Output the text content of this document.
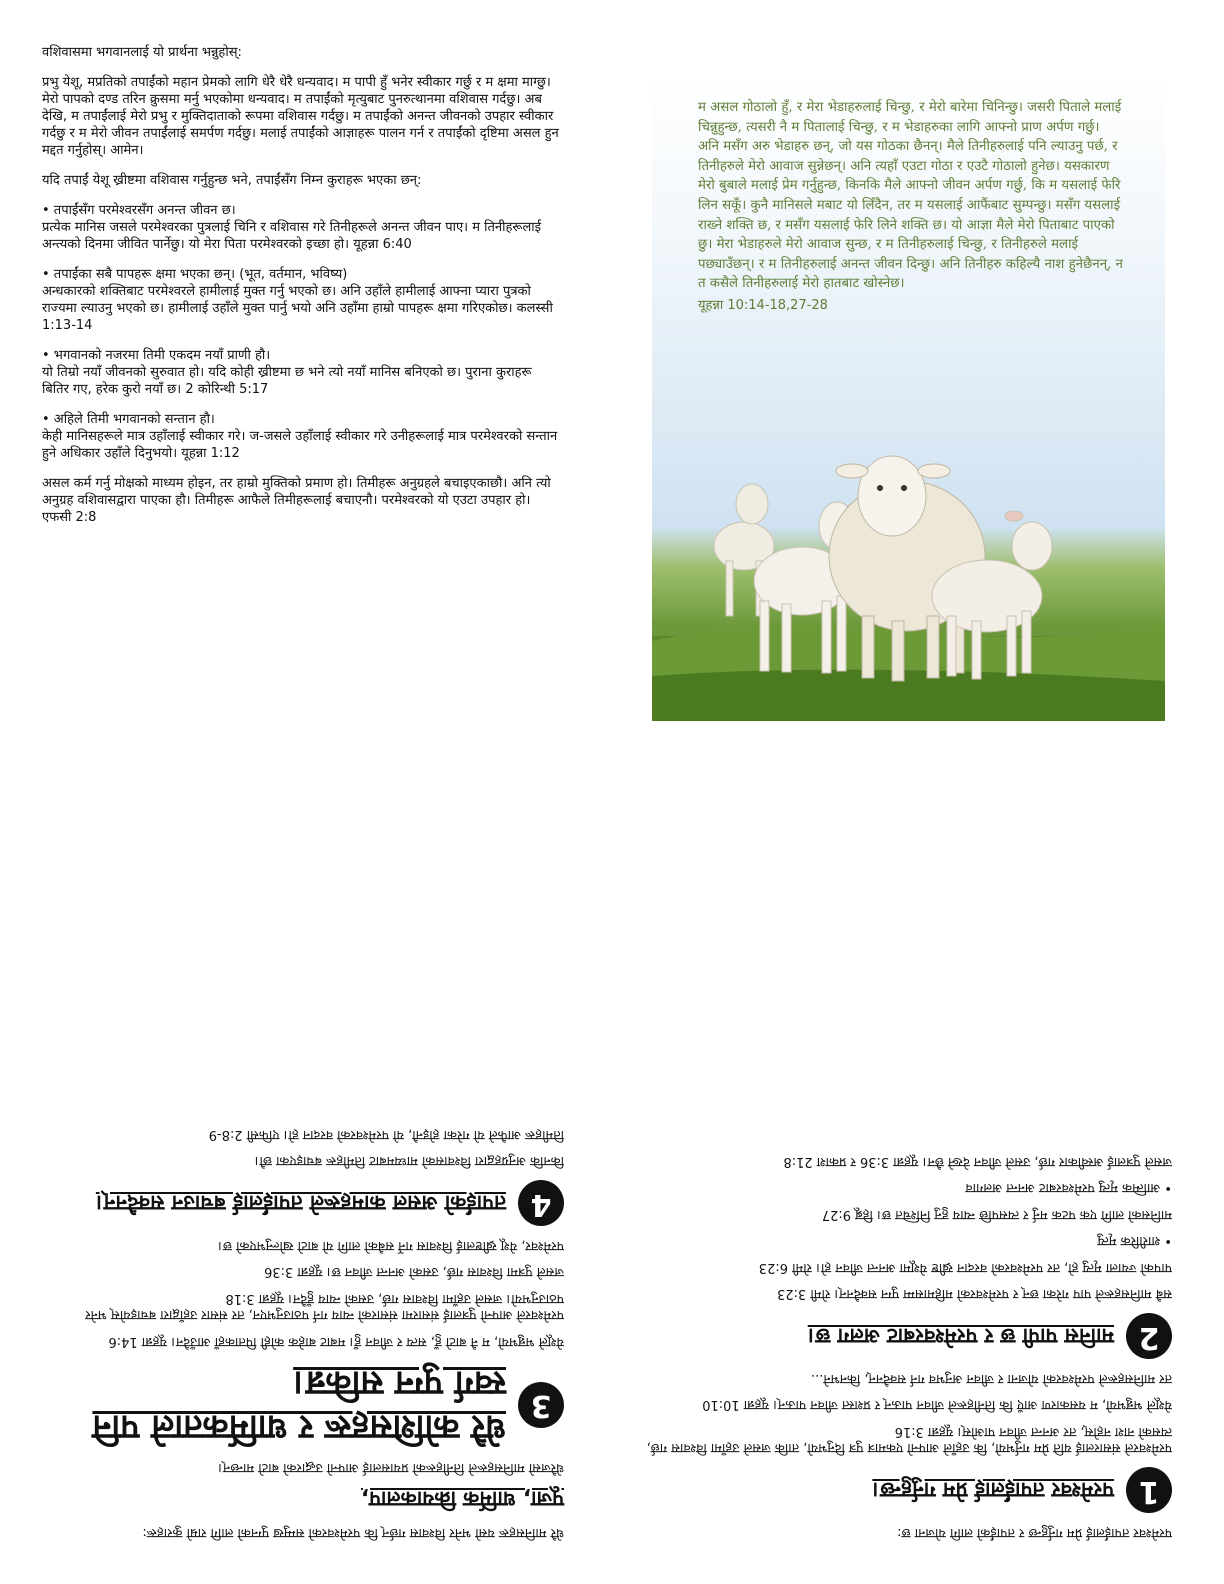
वशिवासमा भगवानलाई यो प्रार्थना भन्नुहोस्:

प्रभु येशू, मप्रतिको तपाईंको महान प्रेमको लागि धेरै धेरै धन्यवाद। म पापी हुँ भनेर स्वीकार गर्छु र म क्षमा माग्छु। मेरो पापको दण्ड तरिन क्रुसमा मर्नु भएकोमा धन्यवाद। म तपाईंको मृत्युबाट पुनरुत्थानमा वशिवास गर्दछु। अब देखि, म तपाईंलाई मेरो प्रभु र मुक्तिदाताको रूपमा वशिवास गर्दछु। म तपाईंको अनन्त जीवनको उपहार स्वीकार गर्दछु र म मेरो जीवन तपाईंलाई समर्पण गर्दछु। मलाई तपाईंको आज्ञाहरू पालन गर्न र तपाईंको दृष्टिमा असल हुन मद्दत गर्नुहोस्। आमेन।

यदि तपाईं येशू ख्रीष्टमा वशिवास गर्नुहुन्छ भने, तपाईंसँग निम्न कुराहरू भएका छन्:

• तपाईंसँग परमेश्वरसँग अनन्त जीवन छ।
प्रत्येक मानिस जसले परमेश्वरका पुत्रलाई चिनि र वशिवास गरे तिनीहरूले अनन्त जीवन पाए। म तिनीहरूलाई अन्त्यको दिनमा जीवित पार्नेछु। यो मेरा पिता परमेश्वरको इच्छा हो। यूहन्ना 6:40
• तपाईंका सबै पापहरू क्षमा भएका छन्। (भूत, वर्तमान, भविष्य)
अन्धकारको शक्तिबाट परमेश्वरले हामीलाई मुक्त गर्नु भएको छ। अनि उहाँले हामीलाई आफ्ना प्यारा पुत्रको राज्यमा ल्याउनु भएको छ। हामीलाई उहाँले मुक्त पार्नु भयो अनि उहाँमा हाम्रो पापहरू क्षमा गरिएकोछ। कलस्सी 1:13-14
• भगवानको नजरमा तिमी एकदम नयाँ प्राणी हौ।
यो तिम्रो नयाँ जीवनको सुरुवात हो। यदि कोही ख्रीष्टमा छ भने त्यो नयाँ मानिस बनिएको छ। पुराना कुराहरू बितिर गए, हरेक कुरो नयाँ छ। 2 कोरिन्थी 5:17
• अहिले तिमी भगवानको सन्तान हौ।
केही मानिसहरूले मात्र उहाँलाई स्वीकार गरे। ज-जसले उहाँलाई स्वीकार गरे उनीहरूलाई मात्र परमेश्वरको सन्तान हुने अधिकार उहाँले दिनुभयो। यूहन्ना 1:12

असल कर्म गर्नु मोक्षको माध्यम होइन, तर हाम्रो मुक्तिको प्रमाण हो। तिमीहरू अनुग्रहले बचाइएकाछौ। अनि त्यो अनुग्रह वशिवासद्वारा पाएका हौ। तिमीहरू आफैले तिमीहरूलाई बचाएनौ। परमेश्वरको यो एउटा उपहार हो। एफसी 2:8

म असल गोठालो हुँ, र मेरा भेडाहरुलाई चिन्छु, र मेरो बारेमा चिनिन्छु। जसरी पिताले मलाई चिन्नुहुन्छ, त्यसरी नै म पितालाई चिन्छु, र म भेडाहरुका लागि आफ्नो प्राण अर्पण गर्छु। अनि मसँग अरु भेडाहरु छन्, जो यस गोठका छैनन्। मैले तिनीहरुलाई पनि ल्याउनु पर्छ, र तिनीहरुले मेरो आवाज सुन्नेछन्। अनि त्यहाँ एउटा गोठा र एउटै गोठालो हुनेछ। यसकारण मेरो बुबाले मलाई प्रेम गर्नुहुन्छ, किनकि मैले आफ्नो जीवन अर्पण गर्छु, कि म यसलाई फेरि लिन सकूँ। कुनै मानिसले मबाट यो लिँदैन, तर म यसलाई आफैंबाट सुम्पन्छु। मसँग यसलाई राख्ने शक्ति छ, र मसँग यसलाई फेरि लिने शक्ति छ। यो आज्ञा मैले मेरो पिताबाट पाएको छु। मेरा भेडाहरुले मेरो आवाज सुन्छ, र म तिनीहरुलाई चिन्छु, र तिनीहरुले मलाई पछ्याउँछन्। र म तिनीहरुलाई अनन्त जीवन दिन्छु। अनि तिनीहरु कहिल्यै नाश हुनेछैनन्, न त कसैले तिनीहरुलाई मेरो हातबाट खोस्नेछ।
यूहन्ना 10:14-18,27-28

धेरै मानिसहरू यसो भनेर विश्वास गर्छन् कि परमेश्वरको सम्मुख पुग्नको लागि राम्रो कुराहरू:

पूजा, धार्मिक क्रियाकलाप,

धेरैजसो मानिसहरूले तिनीहरूको प्रयासलाई आफ्नो उद्धारको बाटो मान्छन्।

3
धेरै कोशिसहरू र धार्मिकताले पनि स्वर्ग पुग्न सकिन्न।

येशूले भन्नुभयो, म नै बाटो हुँ, सत्य र जीवन हुँ। मबाट बाहेक कोही पिताकहाँ आउँदैन। यूहन्ना 14:6

परमेश्वरले आफ्नो पुत्रलाई संसारमा संसारको न्याय गर्न पठाउनुभएन, तर संसार उहाँद्वारा बचाइयोस् भनेर पठाउनुभयो। जसले उहाँमा विश्वास गर्छ, उसको न्याय हुँदैन। यूहन्ना 3:18

जसले पुत्रमा विश्वास गर्छ, उसको अनन्त जीवन छ। यूहन्ना 3:36

परमेश्वर, येशू ख्रीष्टलाई विश्वास गर्ने सबैको लागि यो बाटो खोल्नुभएको छ।

4
तपाईंको असल कामहरूले तपाईंलाई बचाउन सक्दैनन्।

किनकि अनुग्रहद्वारा विश्वासको माध्यमबाट तिमीहरू बचाइएका छौ।

तिमीहरू आफैले यो गरेका होइनौ, यो परमेश्वरको वरदान हो। एफिसी 2:8-9

परमेश्वर तपाईंलाई प्रेम गर्नुहुन्छ र तपाईंको लागि योजना छ:

1
परमेश्वर तपाईंलाई प्रेम गर्नुहुन्छ।

परमेश्वरले संसारलाई यति प्रेम गर्नुभयो, कि उहाँले आफ्नो एकमात्र पुत्र दिनुभयो, ताकि जसले उहाँमा विश्वास गर्छ, त्यसको नाश नहोस्, तर अनन्त जीवन पाओस्। यूहन्ना 3:16

येशूले भन्नुभयो, म यसकारण आएँ कि तिनीहरूले जीवन पाऊन् र प्रशस्त जीवन पाऊन्। यूहन्ना 10:10

तर मानिसहरूले परमेश्वरको योजना र जीवन अनुभव गर्न सक्दैनन्, किनभने...

2
मानिस पापी छ र परमेश्वरबाट अलग छ।

सबै मानिसहरूले पाप गरेका छन् र परमेश्वरको महिमासम्म पुग्न सक्दैनन्। रोमी 3:23

पापको ज्याला मृत्यु हो, तर परमेश्वरको वरदान ख्रीष्ट येशूमा अनन्त जीवन हो। रोमी 6:23

• शारीरिक मृत्यु

मानिसको लागि एक पटक मर्नु र त्यसपछि न्याय हुनु निश्चित छ। हिब्रू 9:27

• आत्मिक मृत्यु परमेश्वरबाट अनन्त अलगाव

जसले पुत्रलाई अस्वीकार गर्छ, उसले जीवन देख्ने छैन। यूहन्ना 3:36 र प्रकाश 21:8
